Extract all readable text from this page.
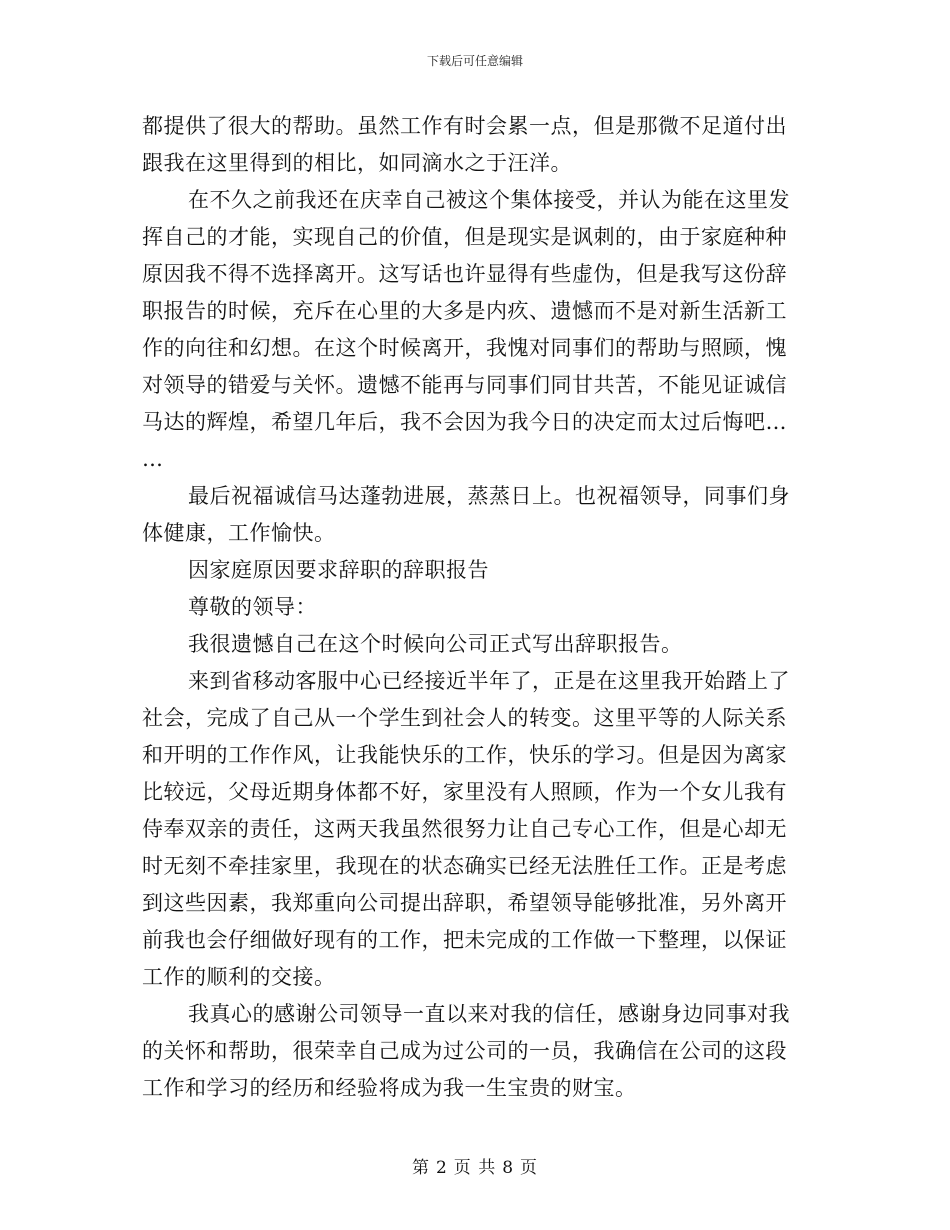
下载后可任意编辑
都提供了很大的帮助。虽然工作有时会累一点，但是那微不足道付出
跟我在这里得到的相比，如同滴水之于汪洋。
在不久之前我还在庆幸自己被这个集体接受，并认为能在这里发
挥自己的才能，实现自己的价值，但是现实是讽刺的，由于家庭种种
原因我不得不选择离开。这写话也许显得有些虚伪，但是我写这份辞
职报告的时候，充斥在心里的大多是内疚、遗憾而不是对新生活新工
作的向往和幻想。在这个时候离开，我愧对同事们的帮助与照顾，愧
对领导的错爱与关怀。遗憾不能再与同事们同甘共苦，不能见证诚信
马达的辉煌，希望几年后，我不会因为我今日的决定而太过后悔吧…
…
最后祝福诚信马达蓬勃进展，蒸蒸日上。也祝福领导，同事们身
体健康，工作愉快。
因家庭原因要求辞职的辞职报告
尊敬的领导：
我很遗憾自己在这个时候向公司正式写出辞职报告。
来到省移动客服中心已经接近半年了，正是在这里我开始踏上了
社会，完成了自己从一个学生到社会人的转变。这里平等的人际关系
和开明的工作作风，让我能快乐的工作，快乐的学习。但是因为离家
比较远，父母近期身体都不好，家里没有人照顾，作为一个女儿我有
侍奉双亲的责任，这两天我虽然很努力让自己专心工作，但是心却无
时无刻不牵挂家里，我现在的状态确实已经无法胜任工作。正是考虑
到这些因素，我郑重向公司提出辞职，希望领导能够批准，另外离开
前我也会仔细做好现有的工作，把未完成的工作做一下整理，以保证
工作的顺利的交接。
我真心的感谢公司领导一直以来对我的信任，感谢身边同事对我
的关怀和帮助，很荣幸自己成为过公司的一员，我确信在公司的这段
工作和学习的经历和经验将成为我一生宝贵的财宝。
第 2 页 共 8 页
